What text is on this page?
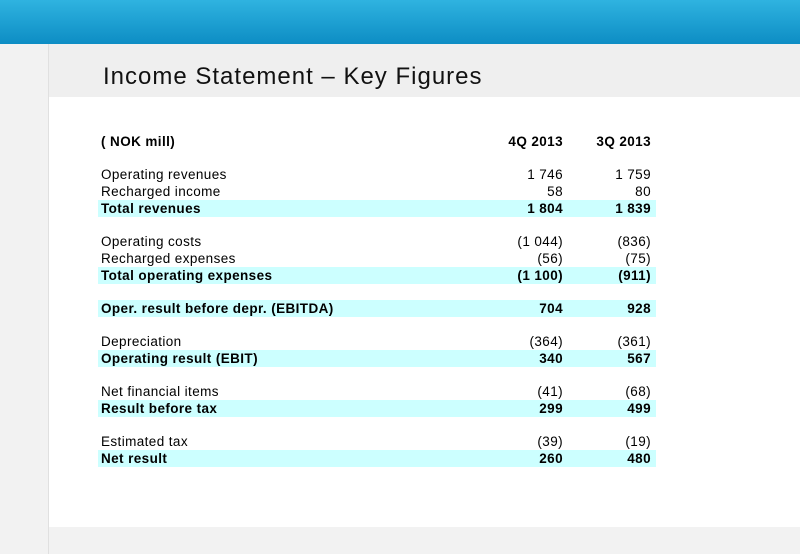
Income Statement – Key Figures
( NOK mill)	4Q 2013 3Q 2013
Operating revenues	1 746	1 759
Recharged income	58	80
Total revenues	1 804	1 839
Operating costs	(1 044)	(836)
Recharged expenses	(56)	(75)
Total operating expenses	(1 100)	(911)
Oper. result before depr. (EBITDA)	704	928
Depreciation	(364)	(361)
Operating result (EBIT)	340	567
Net financial items	(41)	(68)
Result before tax	299	499
Estimated tax	(39)	(19)
Net result	260	480
